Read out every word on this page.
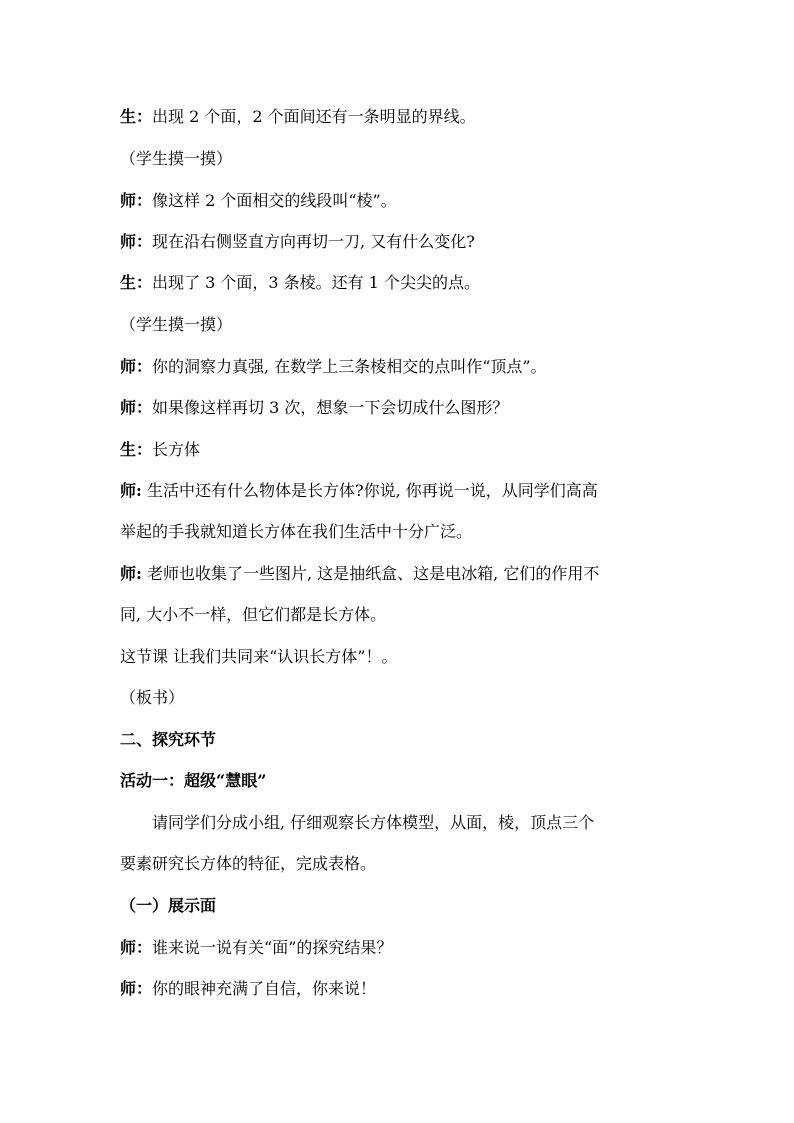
生：出现 2 个面，2 个面间还有一条明显的界线。
（学生摸一摸）
师：像这样 2 个面相交的线段叫“棱”。
师：现在沿右侧竖直方向再切一刀, 又有什么变化?
生：出现了 3 个面，3 条棱。还有 1 个尖尖的点。
（学生摸一摸）
师：你的洞察力真强, 在数学上三条棱相交的点叫作“顶点”。
师：如果像这样再切 3 次，想象一下会切成什么图形？
生：长方体
师: 生活中还有什么物体是长方体?你说, 你再说一说，从同学们高高
举起的手我就知道长方体在我们生活中十分广泛。
师: 老师也收集了一些图片, 这是抽纸盒、这是电冰箱, 它们的作用不
同, 大小不一样，但它们都是长方体。
这节课 让我们共同来“认识长方体”！。
（板书）
二、探究环节
活动一：超级“慧眼”
请同学们分成小组, 仔细观察长方体模型，从面，棱，顶点三个
要素研究长方体的特征，完成表格。
（一）展示面
师：谁来说一说有关“面”的探究结果？
师：你的眼神充满了自信，你来说！
